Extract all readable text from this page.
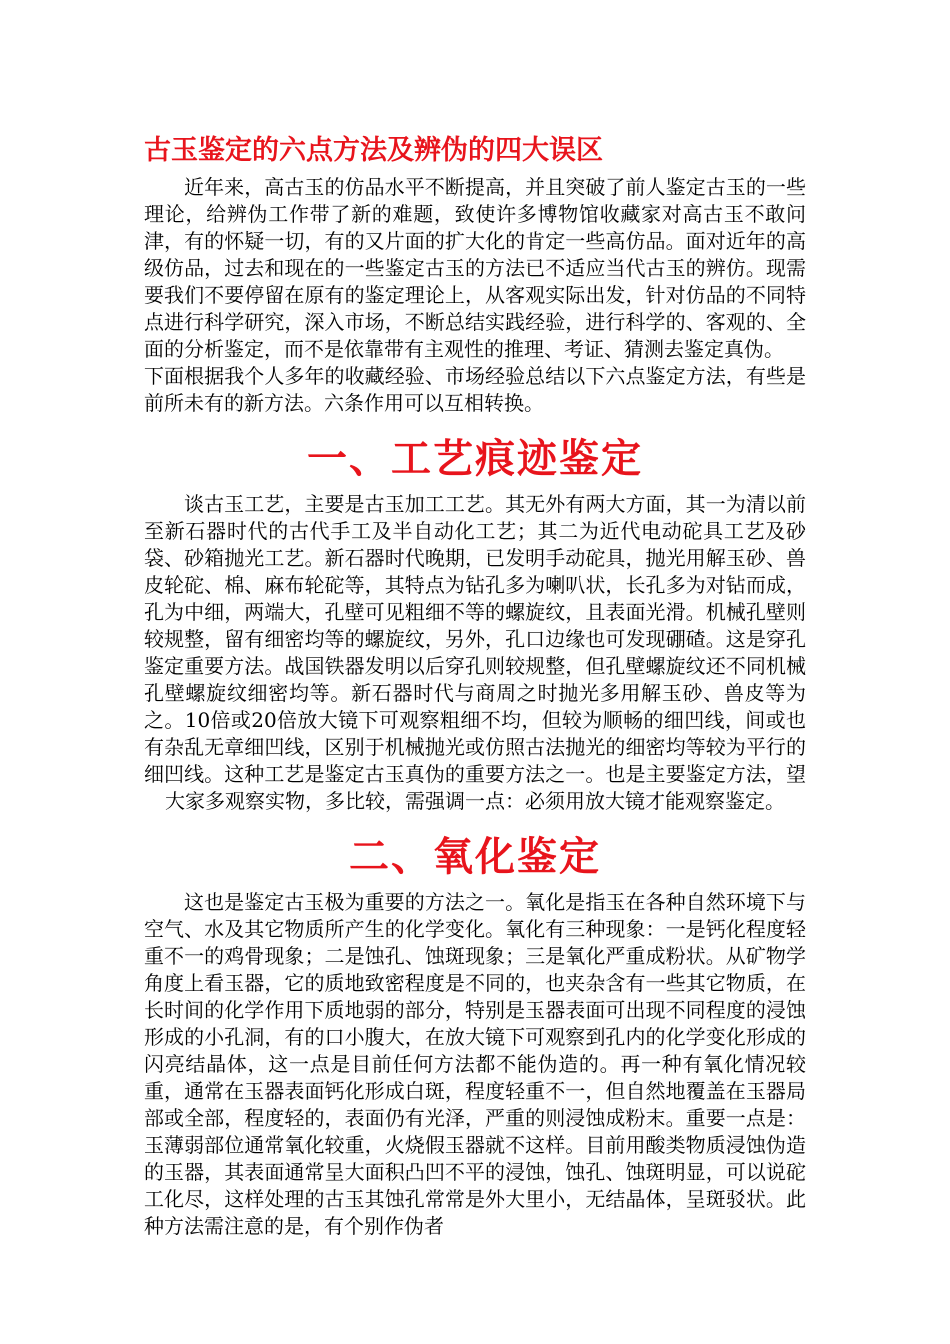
古玉鉴定的六点方法及辨伪的四大误区

近年来，高古玉的仿品水平不断提高，并且突破了前人鉴定古玉的一些理论，给辨伪工作带了新的难题，致使许多博物馆收藏家对高古玉不敢问津，有的怀疑一切，有的又片面的扩大化的肯定一些高仿品。面对近年的高级仿品，过去和现在的一些鉴定古玉的方法已不适应当代古玉的辨仿。现需要我们不要停留在原有的鉴定理论上，从客观实际出发，针对仿品的不同特点进行科学研究，深入市场，不断总结实践经验，进行科学的、客观的、全面的分析鉴定，而不是依靠带有主观性的推理、考证、猜测去鉴定真伪。

下面根据我个人多年的收藏经验、市场经验总结以下六点鉴定方法，有些是前所未有的新方法。六条作用可以互相转换。

一、工艺痕迹鉴定

谈古玉工艺，主要是古玉加工工艺。其无外有两大方面，其一为清以前至新石器时代的古代手工及半自动化工艺；其二为近代电动砣具工艺及砂袋、砂箱抛光工艺。新石器时代晚期，已发明手动砣具，抛光用解玉砂、兽皮轮砣、棉、麻布轮砣等，其特点为钻孔多为喇叭状，长孔多为对钻而成，孔为中细，两端大，孔壁可见粗细不等的螺旋纹，且表面光滑。机械孔壁则较规整，留有细密均等的螺旋纹，另外，孔口边缘也可发现硼碴。这是穿孔鉴定重要方法。战国铁器发明以后穿孔则较规整，但孔壁螺旋纹还不同机械孔壁螺旋纹细密均等。新石器时代与商周之时抛光多用解玉砂、兽皮等为之。10倍或20倍放大镜下可观察粗细不均，但较为顺畅的细凹线，间或也有杂乱无章细凹线，区别于机械抛光或仿照古法抛光的细密均等较为平行的细凹线。这种工艺是鉴定古玉真伪的重要方法之一。也是主要鉴定方法，望大家多观察实物，多比较，需强调一点：必须用放大镜才能观察鉴定。

二、氧化鉴定

这也是鉴定古玉极为重要的方法之一。氧化是指玉在各种自然环境下与空气、水及其它物质所产生的化学变化。氧化有三种现象：一是钙化程度轻重不一的鸡骨现象；二是蚀孔、蚀斑现象；三是氧化严重成粉状。从矿物学角度上看玉器，它的质地致密程度是不同的，也夹杂含有一些其它物质，在长时间的化学作用下质地弱的部分，特别是玉器表面可出现不同程度的浸蚀形成的小孔洞，有的口小腹大，在放大镜下可观察到孔内的化学变化形成的闪亮结晶体，这一点是目前任何方法都不能伪造的。再一种有氧化情况较重，通常在玉器表面钙化形成白斑，程度轻重不一，但自然地覆盖在玉器局部或全部，程度轻的，表面仍有光泽，严重的则浸蚀成粉末。重要一点是：玉薄弱部位通常氧化较重，火烧假玉器就不这样。目前用酸类物质浸蚀伪造的玉器，其表面通常呈大面积凸凹不平的浸蚀，蚀孔、蚀斑明显，可以说砣工化尽，这样处理的古玉其蚀孔常常是外大里小，无结晶体，呈斑驳状。此种方法需注意的是，有个别作伪者
